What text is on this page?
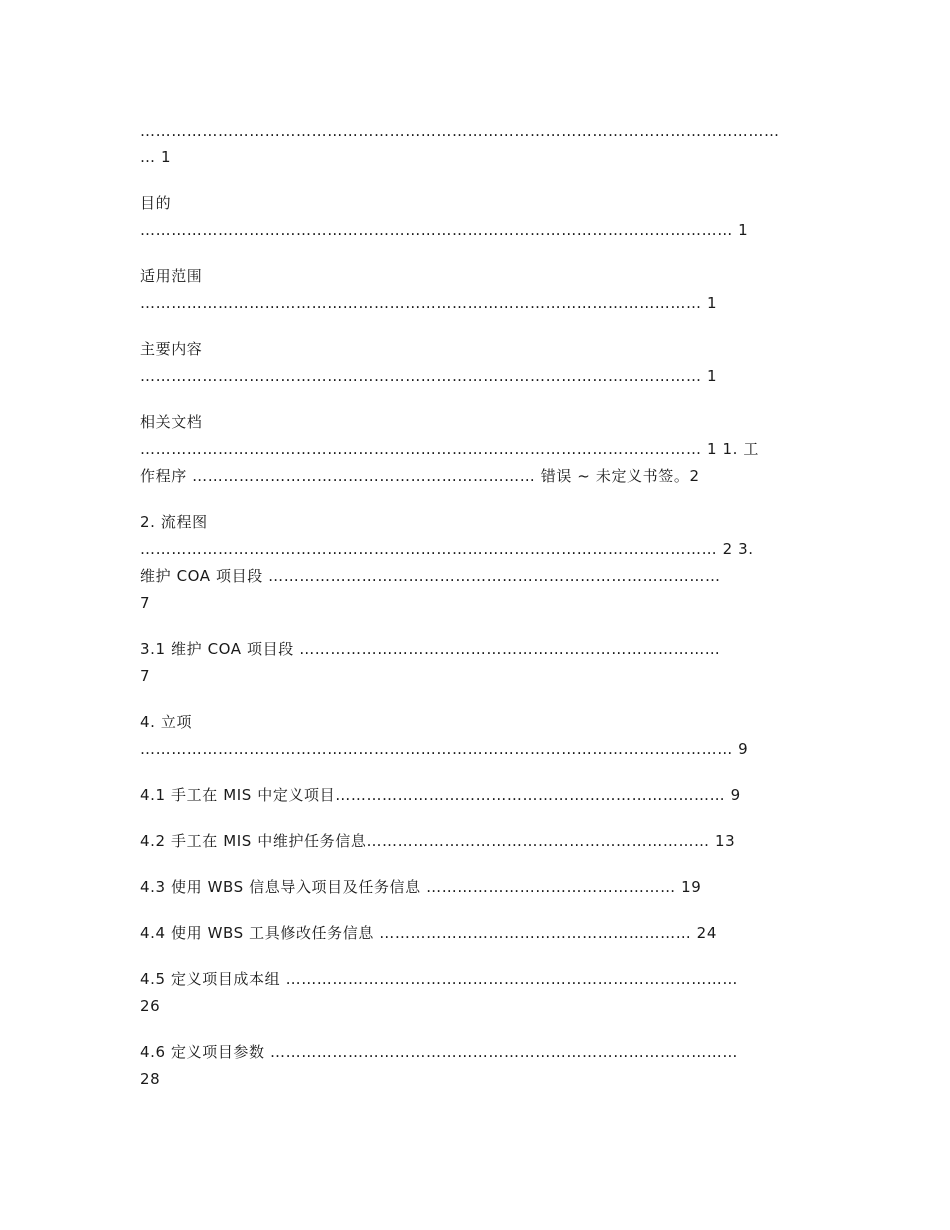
……………………………………………………………………………………………………………
… 1
目的
…………………………………………………………………………………………………… 1
适用范围
……………………………………………………………………………………………… 1
主要内容
……………………………………………………………………………………………… 1
相关文档
……………………………………………………………………………………………… 1 1. 工
作程序 ………………………………………………………… 错误 ~ 未定义书签。2
2. 流程图
………………………………………………………………………………………………… 2 3.
维护 COA 项目段 ……………………………………………………………………………
7
3.1 维护 COA 项目段 ………………………………………………………………………
7
4. 立项
…………………………………………………………………………………………………… 9
4.1 手工在 MIS 中定义项目………………………………………………………………… 9
4.2 手工在 MIS 中维护任务信息………………………………………………………… 13
4.3 使用 WBS 信息导入项目及任务信息 ………………………………………… 19
4.4 使用 WBS 工具修改任务信息 …………………………………………………… 24
4.5 定义项目成本组 ……………………………………………………………………………
26
4.6 定义项目参数 ………………………………………………………………………………
28
